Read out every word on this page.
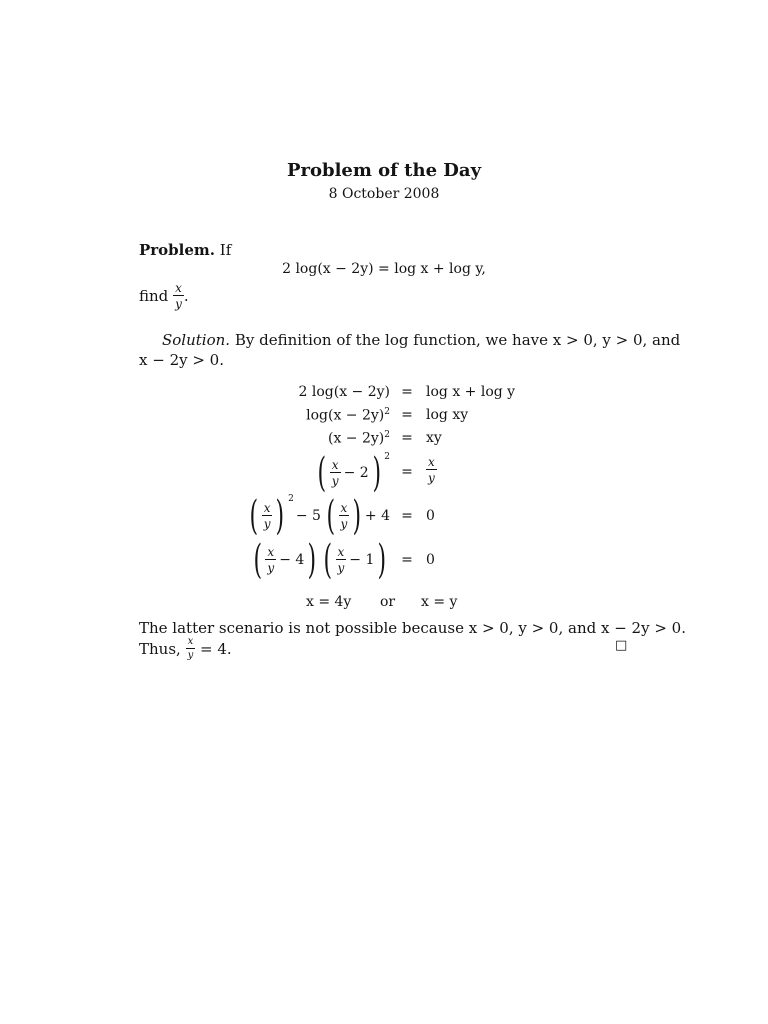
Problem of the Day
8 October 2008
Problem. If
2 log(x − 2y) = log x + log y,
find
$\frac{x}{y}$ .
Solution. By definition of the log function, we have x > 0, y > 0, and
x − 2y > 0.
2 log(x − 2y) = log x + log y
$\log(x - 2y)^2 = \log$ xy
$(x - 2y)^2$ = xy
( $\frac{x}{y} - 2$ ) $^2$
= $\frac{x}{y}$
( $\frac{x}{y}$ ) $^2$
− 5 ( $\frac{x}{y}$ ) + 4 = 0
( $\frac{x}{y} - 4$ ) ( $\frac{x}{y} - 1$ ) = 0
x = 4y or x = y
The latter scenario is not possible because x > 0, y > 0, and x − 2y > 0.
Thus,
$\frac{x}{y}$
= 4.	□
